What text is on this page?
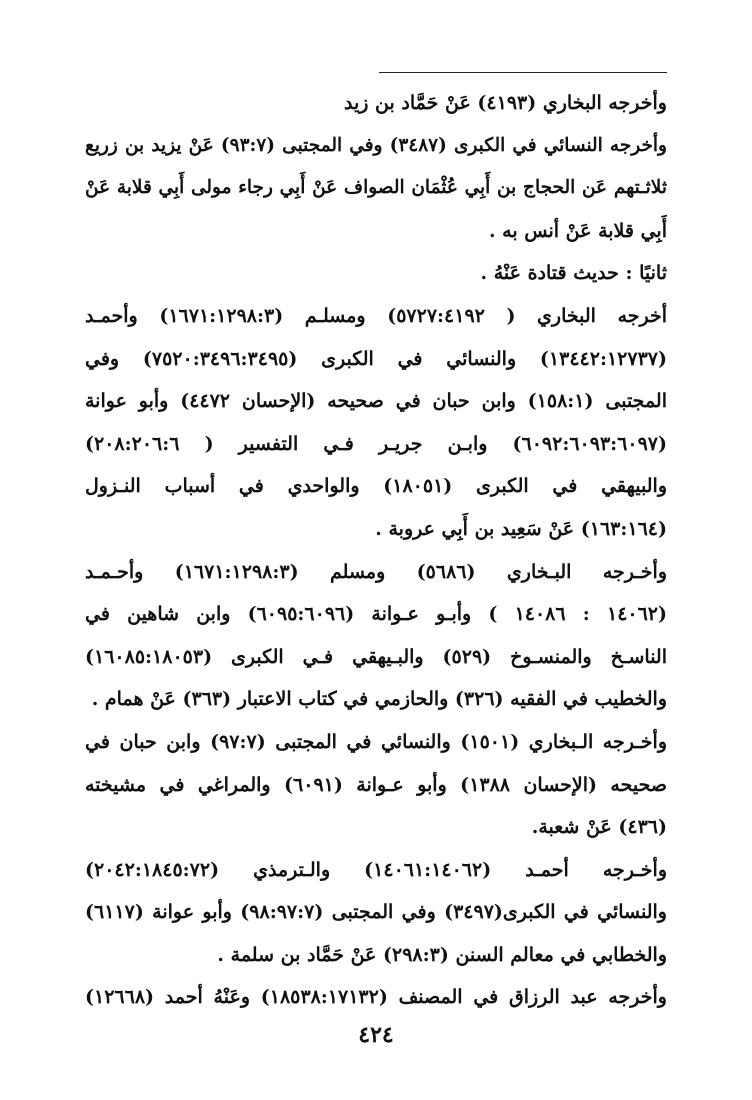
وأخرجه البخاري (٤١٩٣) عَنْ حَمَّاد بن زيد
وأخرجه النسائي في الكبرى (٣٤٨٧) وفي المجتبى (٩٣:٧) عَنْ يزيد بن زريع
ثلاثـتهم عَن الحجاج بن أَبِي عُثْمَان الصواف عَنْ أَبِي رجاء مولى أَبِي قلابة عَنْ
أَبِي قلابة عَنْ أنس به .
ثانيًا : حديث قتادة عَنْهُ .
أخرجه البخاري ( ٥٧٢٧:٤١٩٢) ومسلـم (١٦٧١:١٢٩٨:٣) وأحمـد
(١٣٤٤٢:١٢٧٣٧) والنسائي في الكبرى (٧٥٢٠:٣٤٩٦:٣٤٩٥) وفي
المجتبى (١٥٨:١) وابن حبان في صحيحه (الإحسان ٤٤٧٢) وأبو عوانة
(٦٠٩٢:٦٠٩٣:٦٠٩٧) وابـن جريـر فـي التفسير ( ٢٠٨:٢٠٦:٦)
والبيهقي في الكبرى (١٨٠٥١) والواحدي في أسباب النـزول
(١٦٣:١٦٤) عَنْ سَعِيد بن أَبِي عروبة .
وأخـرجه البـخاري (٥٦٨٦) ومسلم (١٦٧١:١٢٩٨:٣) وأحـمـد
(١٤٠٦٢ : ١٤٠٨٦ ) وأبـو عـوانة (٦٠٩٥:٦٠٩٦) وابن شاهين في
الناسـخ والمنسـوخ (٥٢٩) والبـيهقي فـي الكبرى (١٦٠٨٥:١٨٠٥٣)
والخطيب في الفقيه (٣٢٦) والحازمي في كتاب الاعتبار (٣٦٣) عَنْ همام .
وأخـرجه الـبخاري (١٥٠١) والنسائي في المجتبى (٩٧:٧) وابن حبان في
صحيحه (الإحسان ١٣٨٨) وأبو عـوانة (٦٠٩١) والمراغي في مشيخته
(٤٣٦) عَنْ شعبة.
وأخـرجه أحمـد (١٤٠٦١:١٤٠٦٢) والـترمذي (٢٠٤٢:١٨٤٥:٧٢)
والنسائي في الكبرى(٣٤٩٧) وفي المجتبى (٩٨:٩٧:٧) وأبو عوانة (٦١١٧)
والخطابي في معالم السنن (٢٩٨:٣) عَنْ حَمَّاد بن سلمة .
وأخرجه عبد الرزاق في المصنف (١٨٥٣٨:١٧١٣٢) وعَنْهُ أحمد (١٢٦٦٨)
٤٢٤
